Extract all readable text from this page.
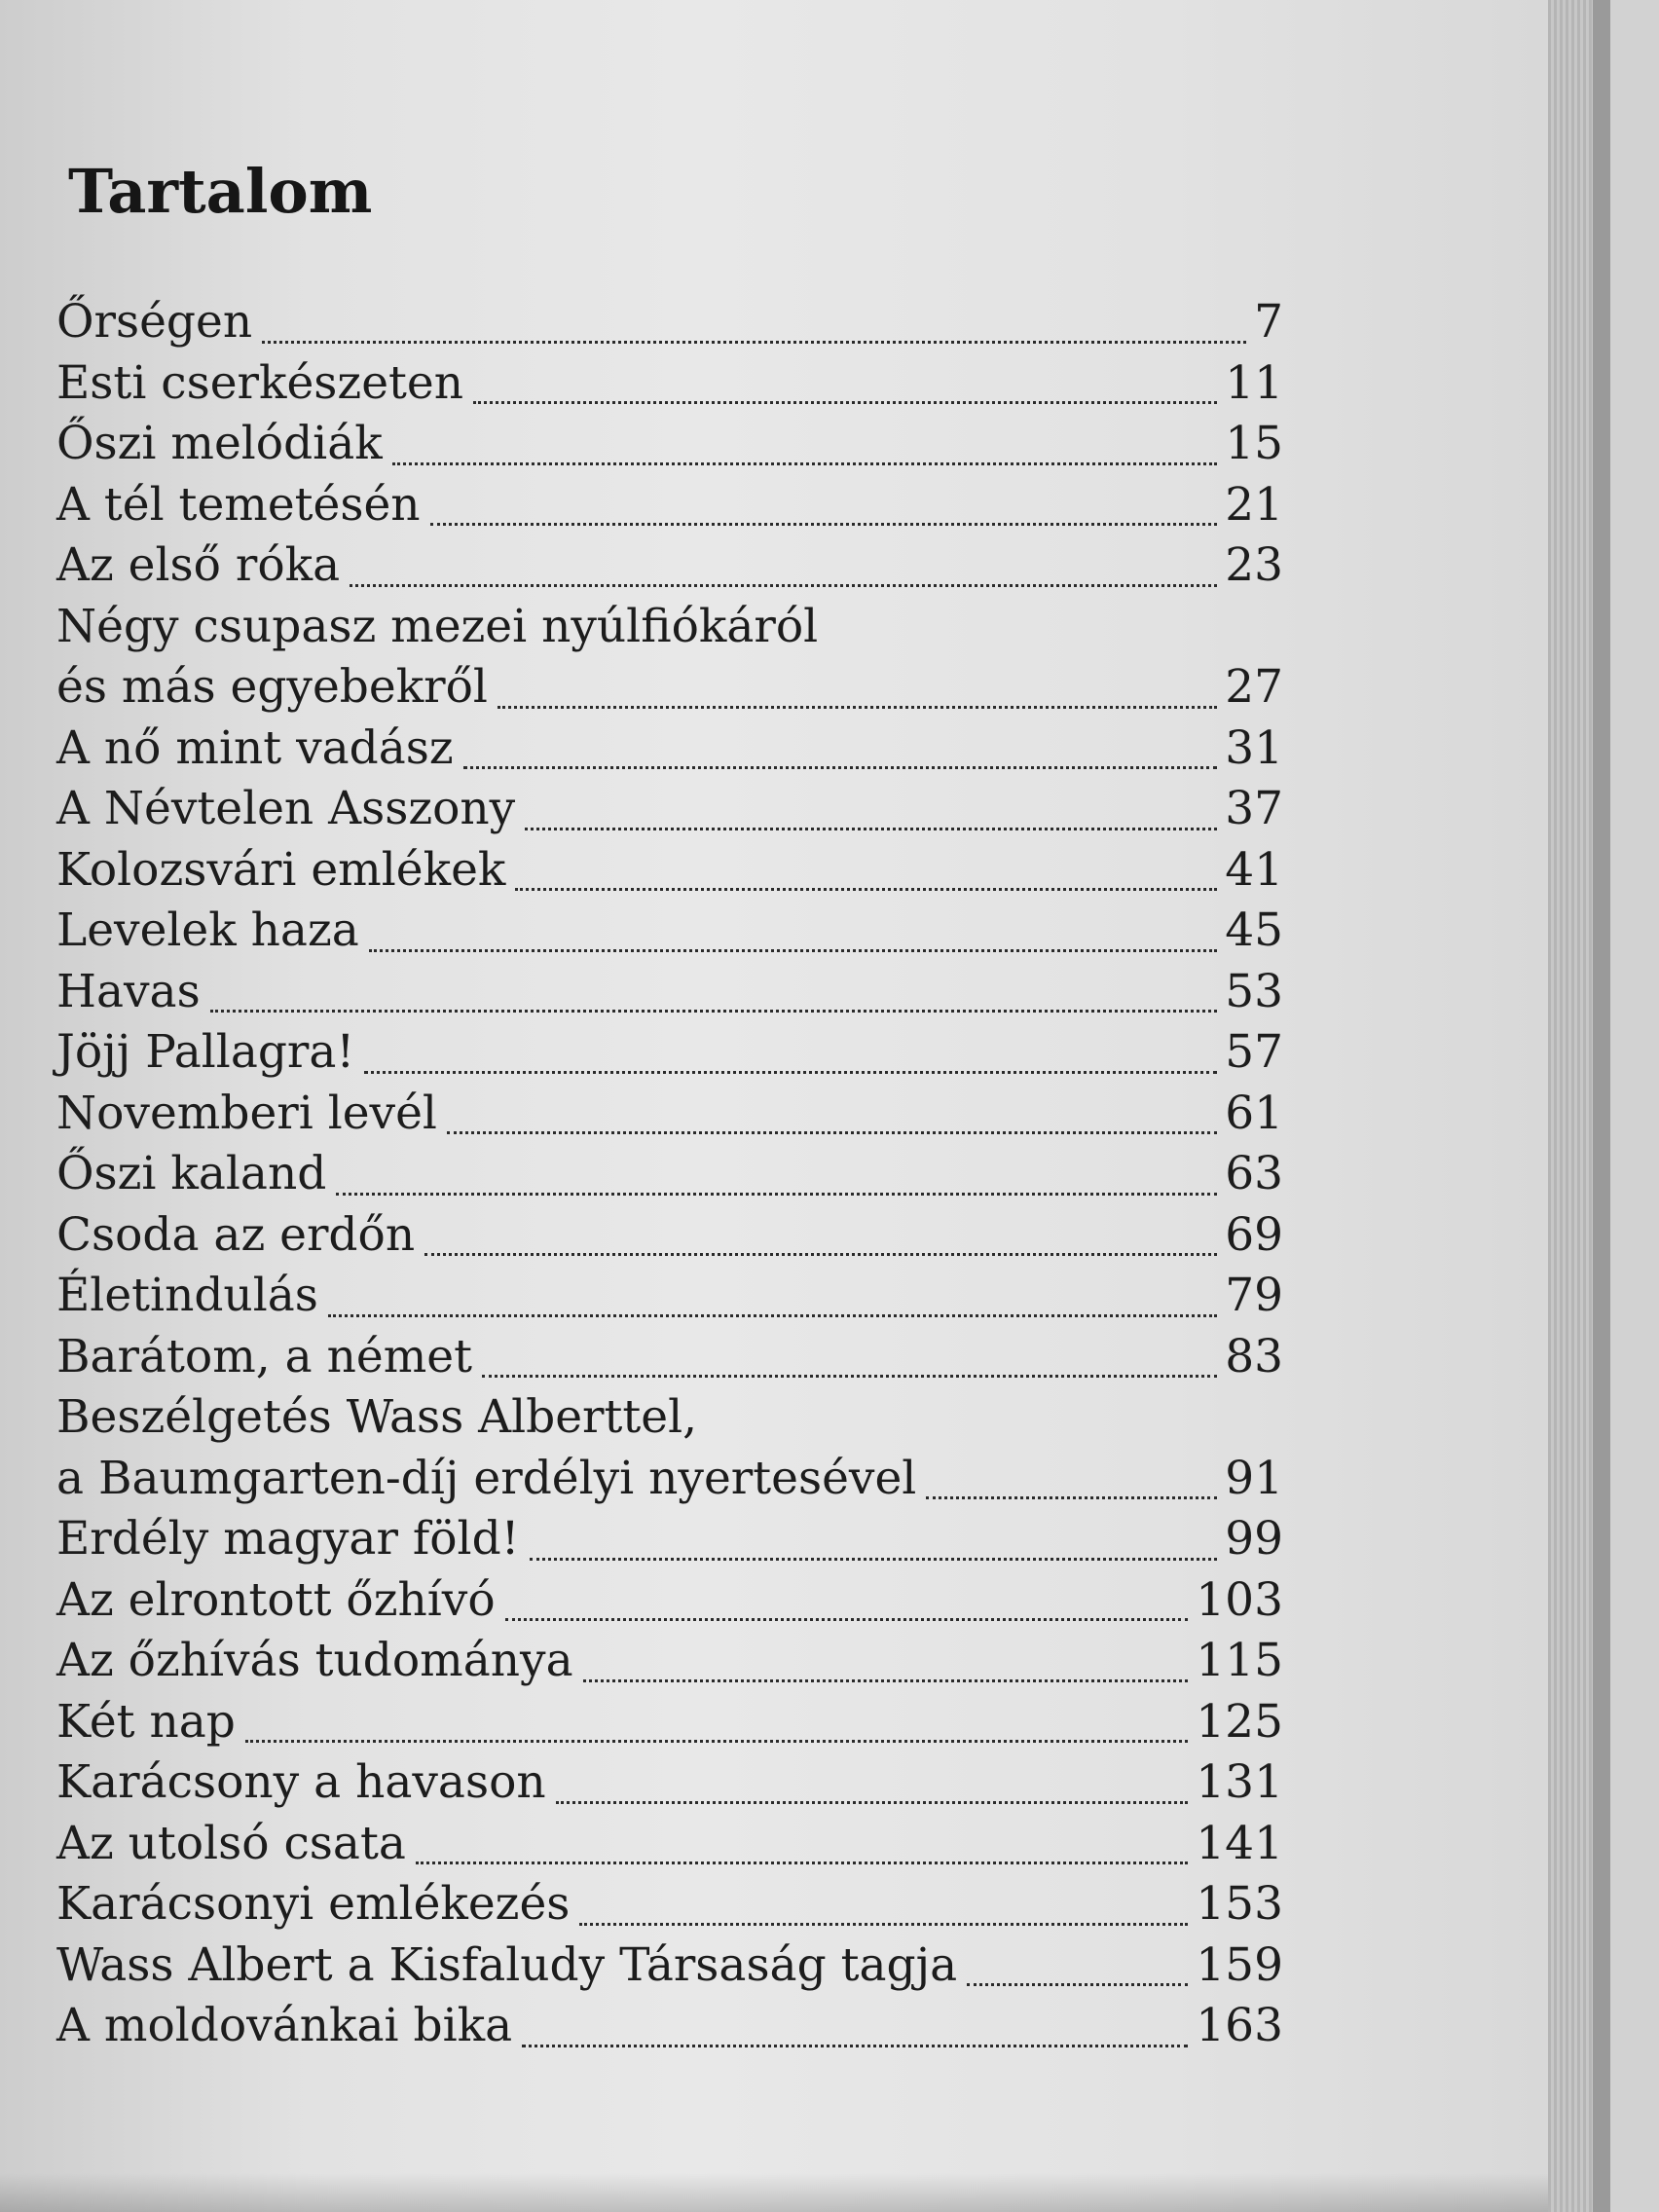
Tartalom
Őrségen	7
Esti cserkészeten	11
Őszi melódiák	15
A tél temetésén	21
Az első róka	23
Négy csupasz mezei nyúlfiókáról
és más egyebekről	27
A nő mint vadász	31
A Névtelen Asszony	37
Kolozsvári emlékek	41
Levelek haza	45
Havas	53
Jöjj Pallagra!	57
Novemberi levél	61
Őszi kaland	63
Csoda az erdőn	69
Életindulás	79
Barátom, a német	83
Beszélgetés Wass Alberttel,
a Baumgarten-díj erdélyi nyertesével	91
Erdély magyar föld!	99
Az elrontott őzhívó	103
Az őzhívás tudománya	115
Két nap	125
Karácsony a havason	131
Az utolsó csata	141
Karácsonyi emlékezés	153
Wass Albert a Kisfaludy Társaság tagja	159
A moldovánkai bika	163
